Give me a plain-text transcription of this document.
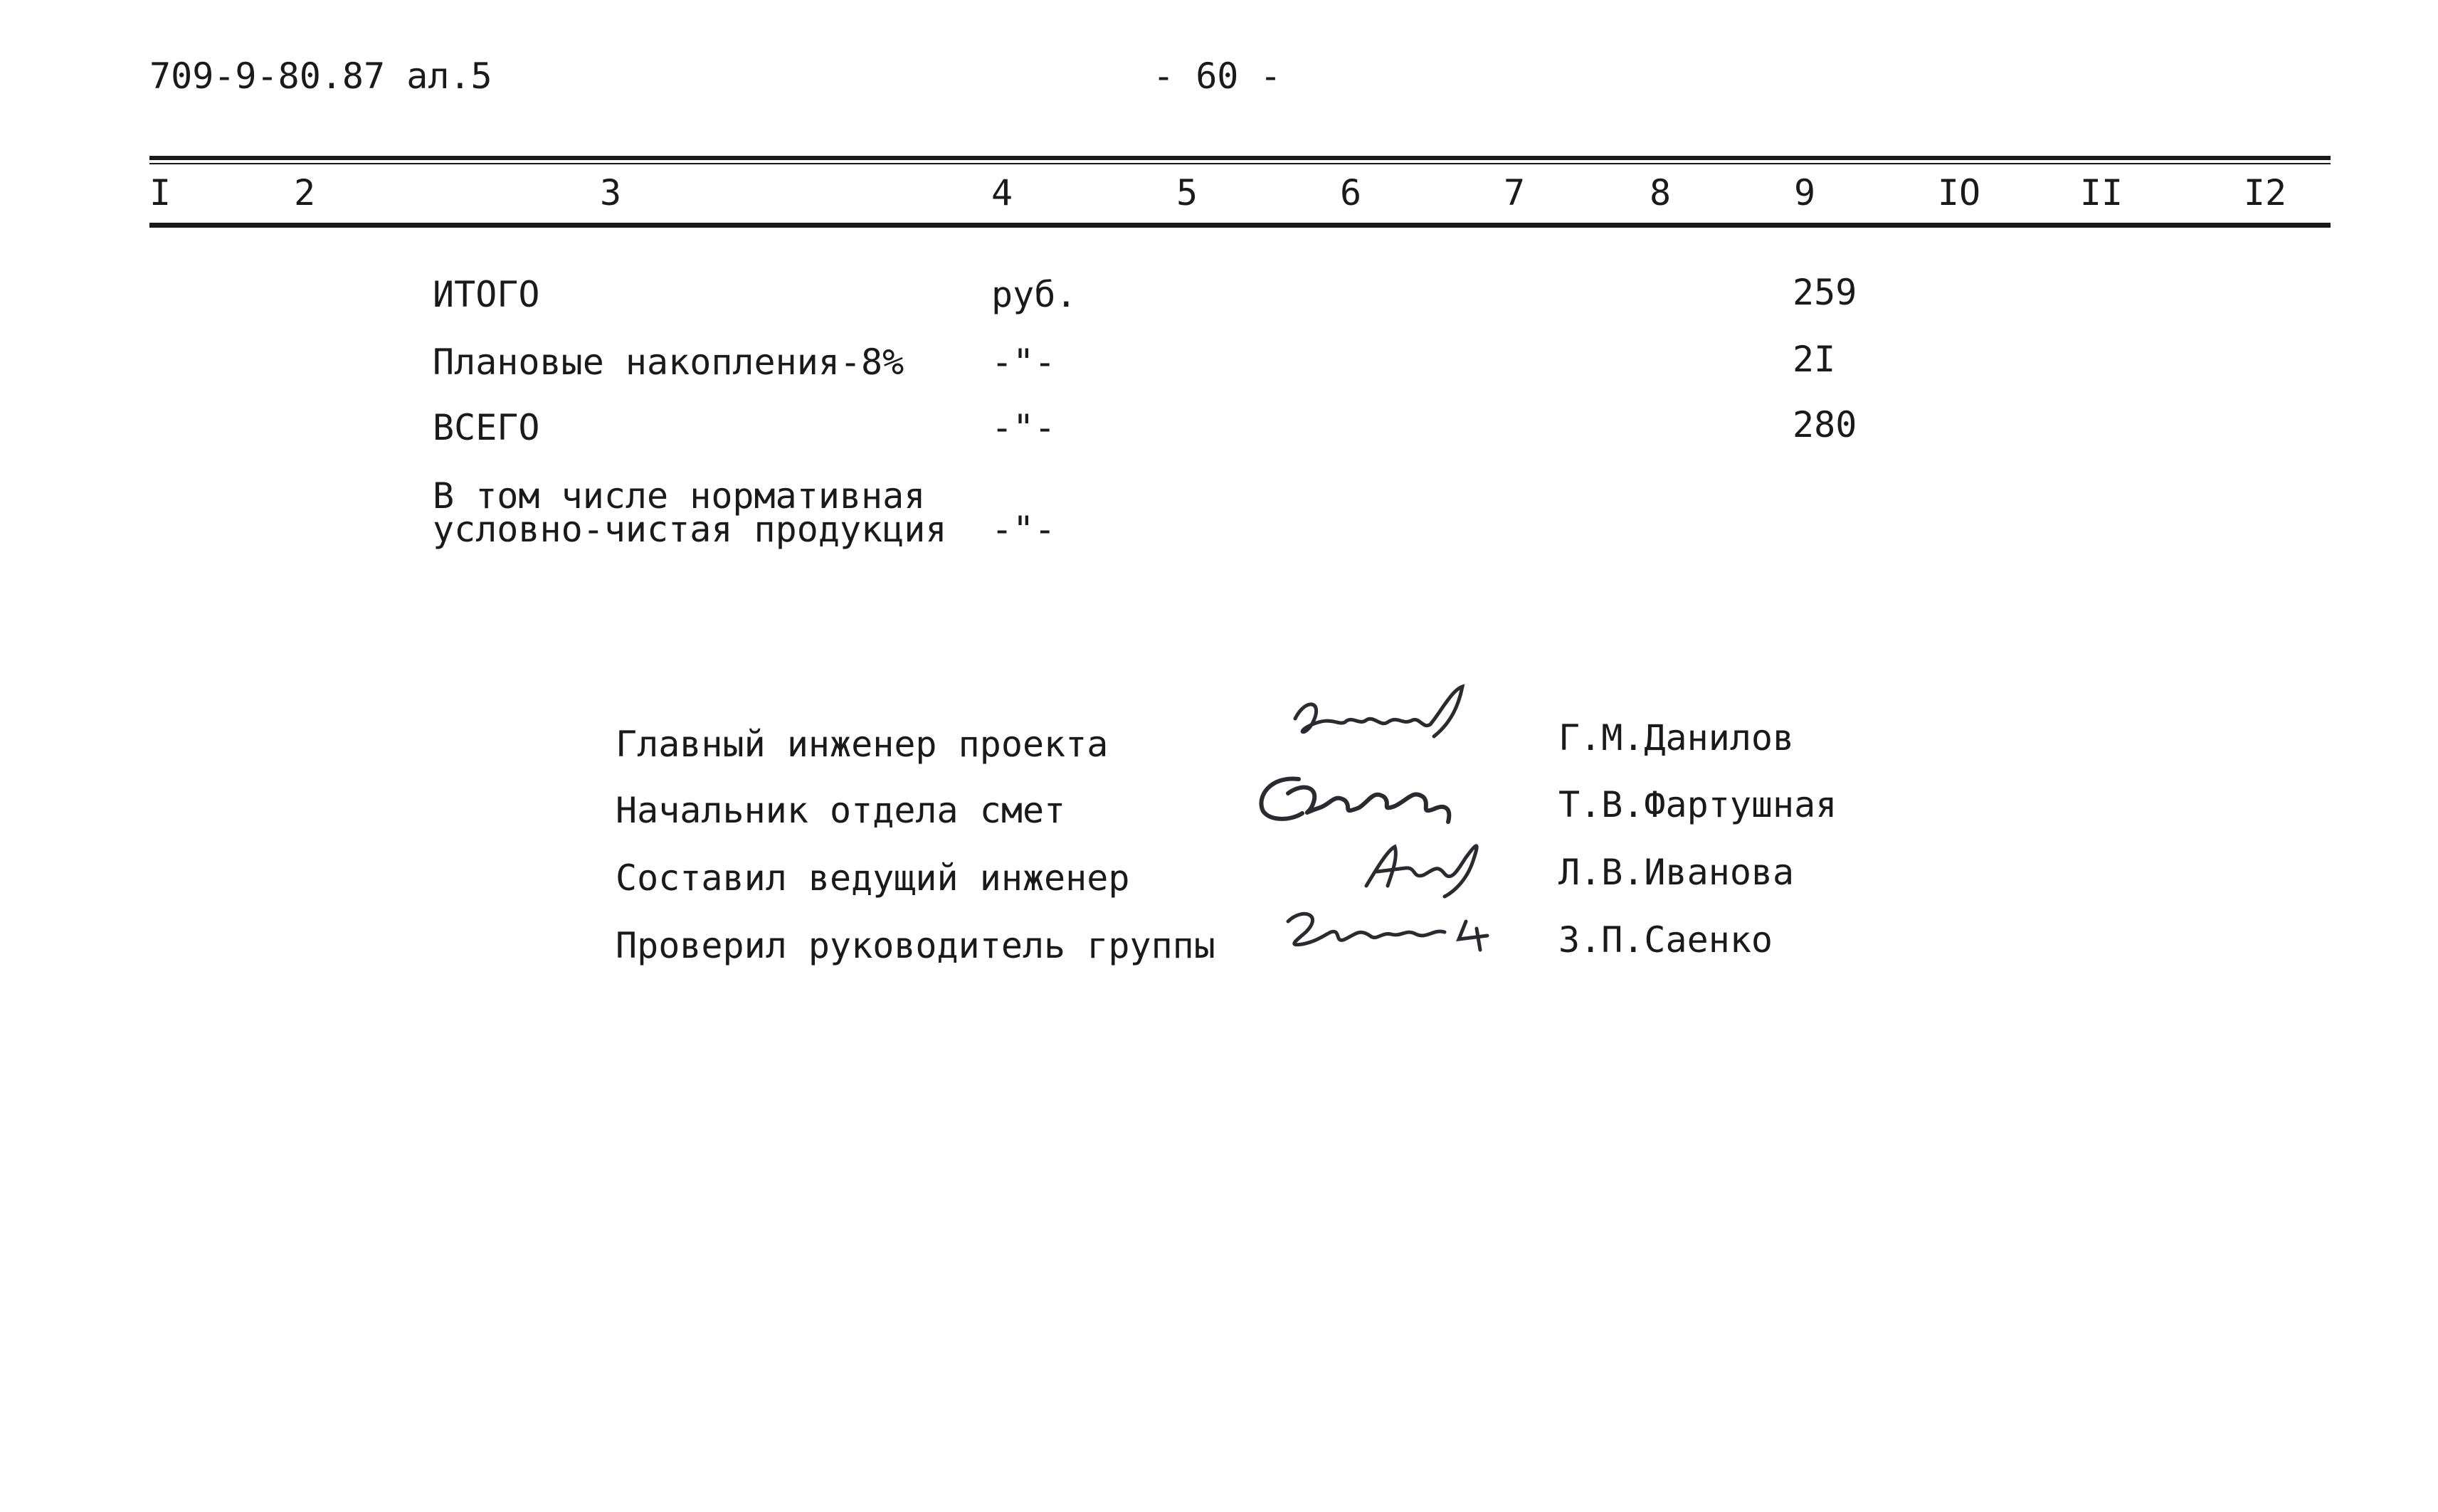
709-9-80.87 ал.5	- 60 -
I	2	3	4	5	6	7	8	9	IO	II	I2
ИТОГО	руб.	259
Плановые накопления-8% -"-	2I
ВСЕГО	-"-	280
В том числе нормативная
условно-чистая продукция -"-
Главный инженер проекта	Г.М.Данилов
Начальник отдела смет	Т.В.Фартушная
Составил ведущий инженер	Л.В.Иванова
Проверил руководитель группы	З.П.Саенко
